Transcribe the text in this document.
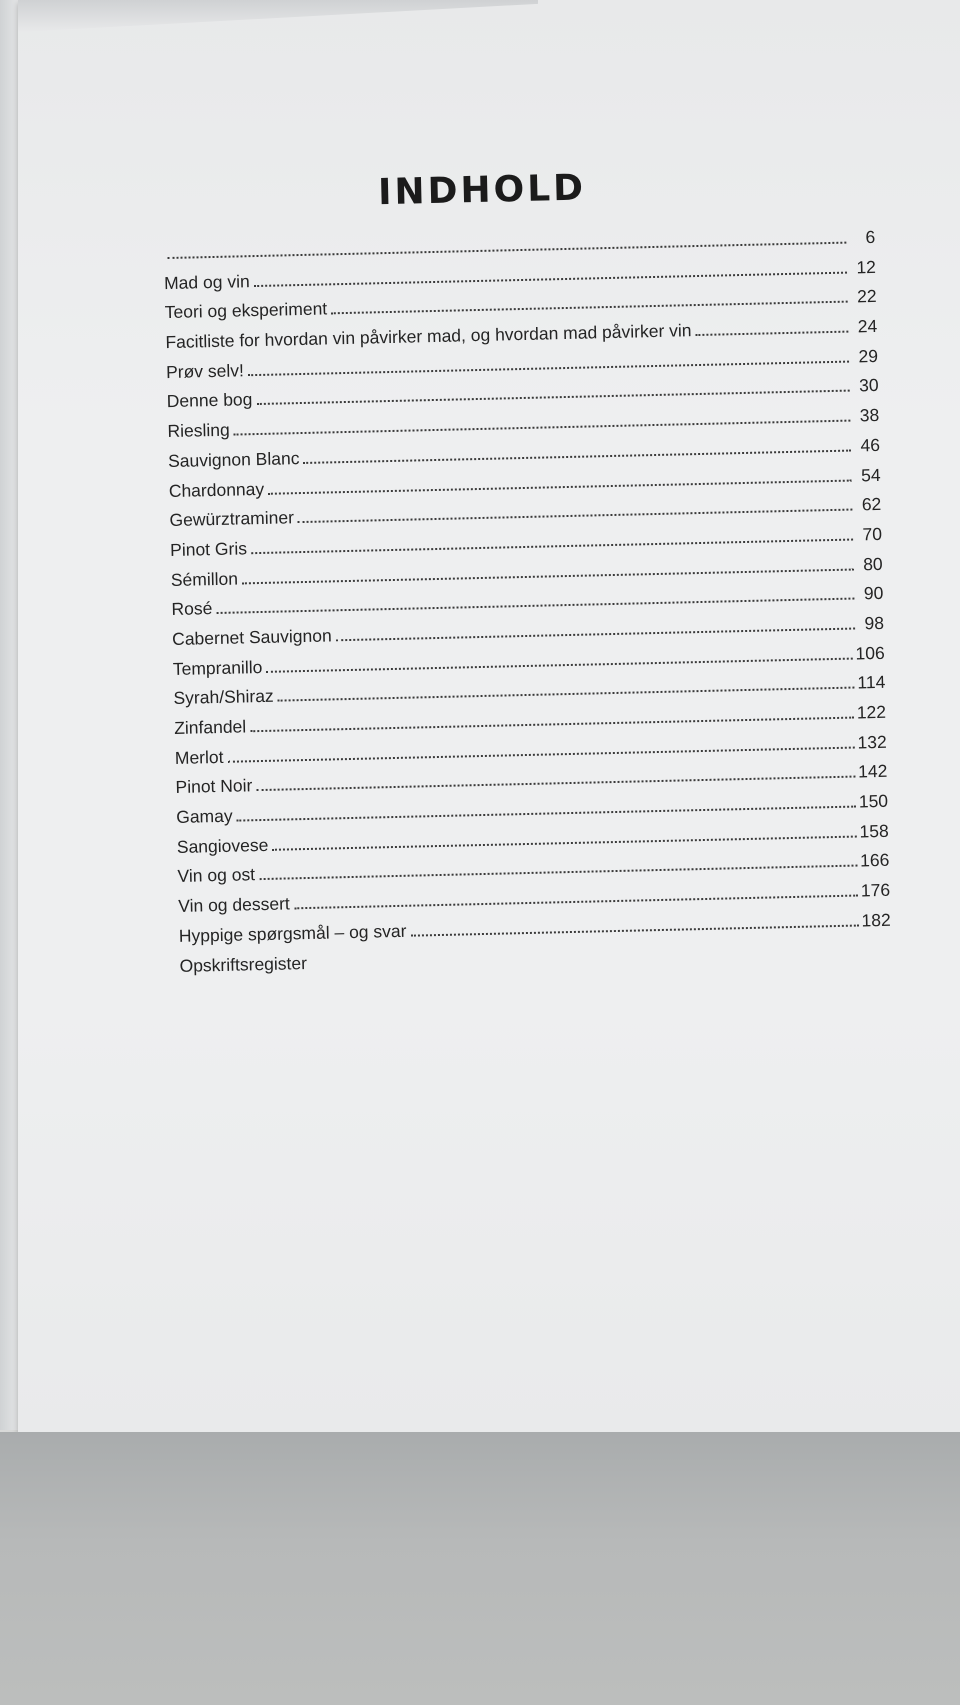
INDHOLD
6
Mad og vin
12
Teori og eksperiment
22
Facitliste for hvordan vin påvirker mad, og hvordan mad påvirker vin	24
Prøv selv!
29
Denne bog
30
Riesling
38
Sauvignon Blanc
46
Chardonnay
54
Gewürztraminer
62
Pinot Gris
70
Sémillon
80
Rosé
90
Cabernet Sauvignon
98
Tempranillo
106
Syrah/Shiraz
114
Zinfandel
122
Merlot
132
Pinot Noir
142
Gamay
150
Sangiovese
158
Vin og ost
166
Vin og dessert
176
Hyppige spørgsmål – og svar
182
Opskriftsregister
